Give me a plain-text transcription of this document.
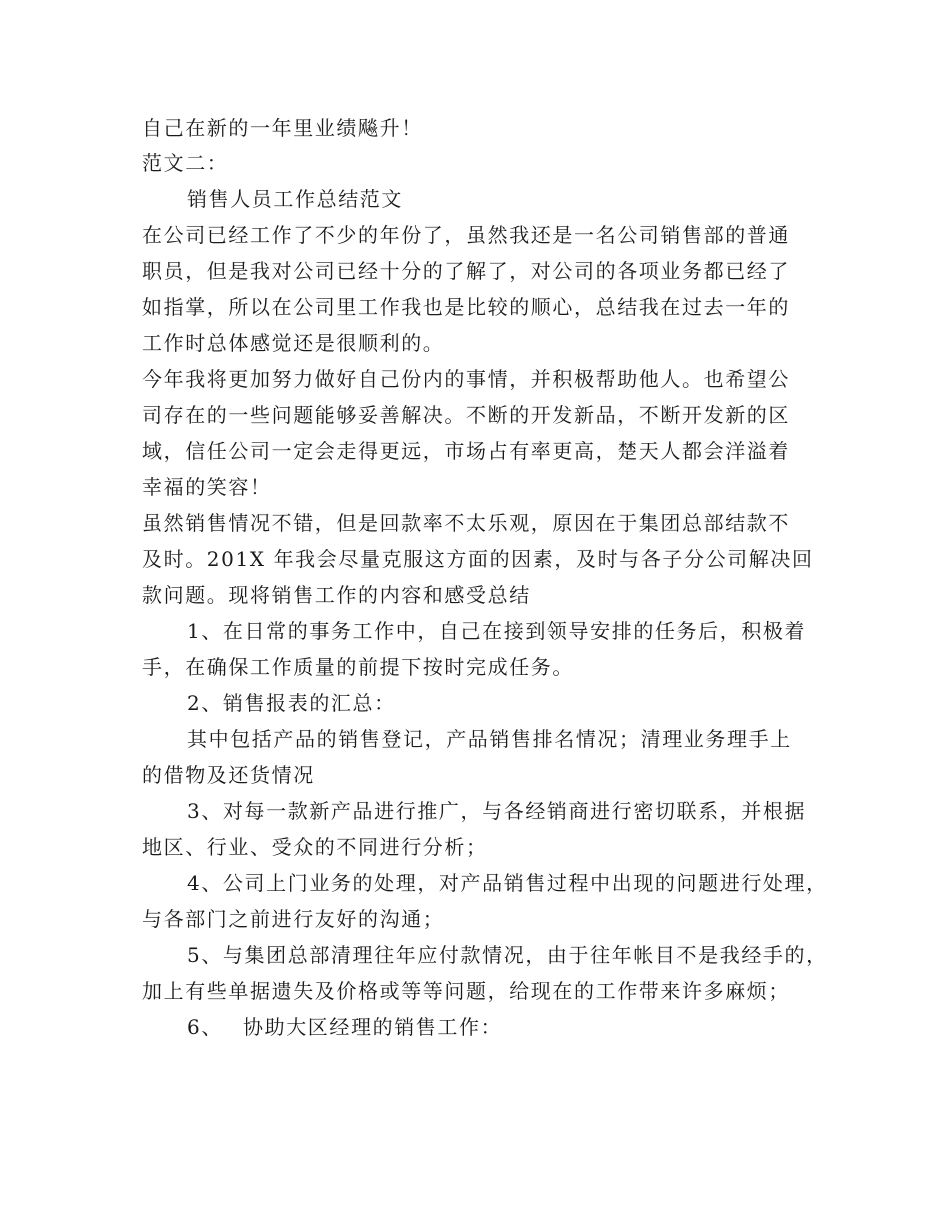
自己在新的一年里业绩飚升！
范文二：
销售人员工作总结范文
在公司已经工作了不少的年份了，虽然我还是一名公司销售部的普通
职员，但是我对公司已经十分的了解了，对公司的各项业务都已经了
如指掌，所以在公司里工作我也是比较的顺心，总结我在过去一年的
工作时总体感觉还是很顺利的。
今年我将更加努力做好自己份内的事情，并积极帮助他人。也希望公
司存在的一些问题能够妥善解决。不断的开发新品，不断开发新的区
域，信任公司一定会走得更远，市场占有率更高，楚天人都会洋溢着
幸福的笑容！
虽然销售情况不错，但是回款率不太乐观，原因在于集团总部结款不
及时。201X 年我会尽量克服这方面的因素，及时与各子分公司解决回
款问题。现将销售工作的内容和感受总结
1、在日常的事务工作中，自己在接到领导安排的任务后，积极着
手，在确保工作质量的前提下按时完成任务。
2、销售报表的汇总：
其中包括产品的销售登记，产品销售排名情况；清理业务理手上
的借物及还货情况
3、对每一款新产品进行推广，与各经销商进行密切联系，并根据
地区、行业、受众的不同进行分析；
4、公司上门业务的处理，对产品销售过程中出现的问题进行处理，
与各部门之前进行友好的沟通；
5、与集团总部清理往年应付款情况，由于往年帐目不是我经手的，
加上有些单据遗失及价格或等等问题，给现在的工作带来许多麻烦；
6、 协助大区经理的销售工作：
